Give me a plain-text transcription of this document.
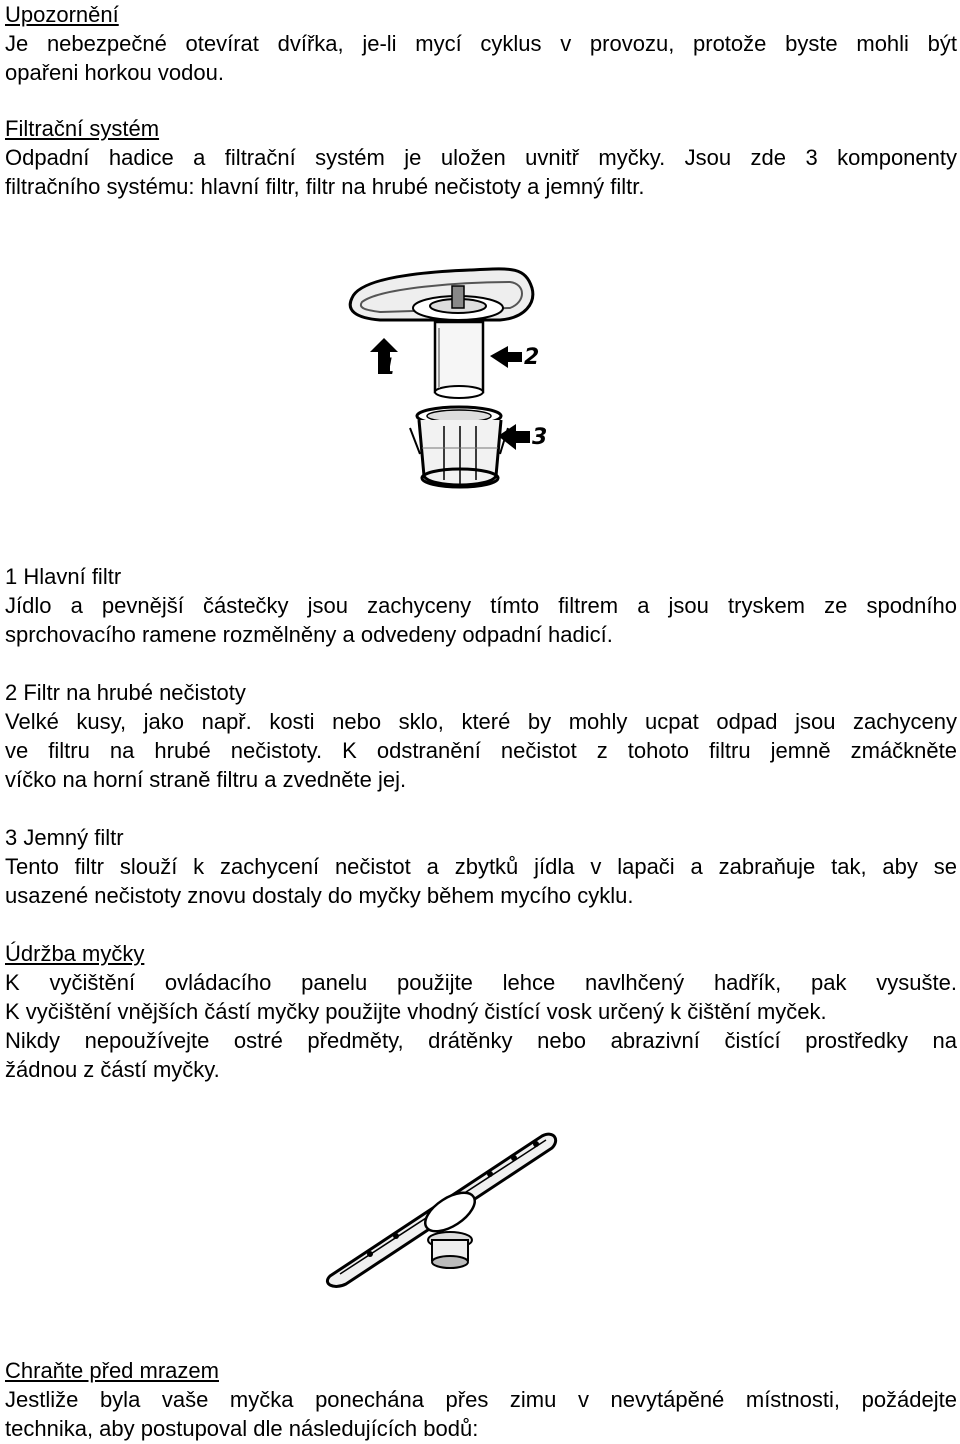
Upozornění
Je nebezpečné otevírat dvířka, je-li mycí cyklus v provozu, protože byste mohli být
opařeni horkou vodou.
Filtrační systém
Odpadní hadice a filtrační systém je uložen uvnitř myčky. Jsou zde 3 komponenty
filtračního systému: hlavní filtr, filtr na hrubé nečistoty a jemný filtr.
1	2
3
1 Hlavní filtr
Jídlo a pevnější částečky jsou zachyceny tímto filtrem a jsou tryskem ze spodního
sprchovacího ramene rozmělněny a odvedeny odpadní hadicí.
2 Filtr na hrubé nečistoty
Velké kusy, jako např. kosti nebo sklo, které by mohly ucpat odpad jsou zachyceny
ve filtru na hrubé nečistoty. K odstranění nečistot z tohoto filtru jemně zmáčkněte
víčko na horní straně filtru a zvedněte jej.
3 Jemný filtr
Tento filtr slouží k zachycení nečistot a zbytků jídla v lapači a zabraňuje tak, aby se
usazené nečistoty znovu dostaly do myčky během mycího cyklu.
Údržba myčky
K vyčištění ovládacího panelu použijte lehce navlhčený hadřík, pak vysušte.
K vyčištění vnějších částí myčky použijte vhodný čistící vosk určený k čištění myček.
Nikdy nepoužívejte ostré předměty, drátěnky nebo abrazivní čistící prostředky na
žádnou z částí myčky.
Chraňte před mrazem
Jestliže byla vaše myčka ponechána přes zimu v nevytápěné místnosti, požádejte
technika, aby postupoval dle následujících bodů:
